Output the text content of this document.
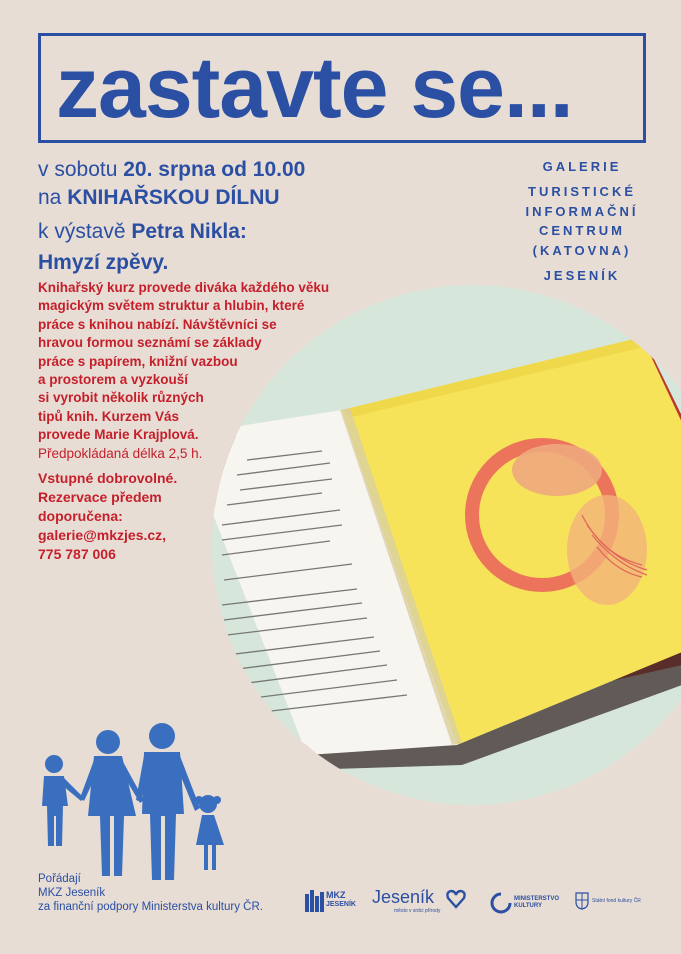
zastavte se...
v sobotu 20. srpna od 10.00
na KNIHAŘSKOU DÍLNU
k výstavě Petra Nikla:
Hmyzí zpěvy.
Knihařský kurz provede diváka každého věku
magickým světem struktur a hlubin, které
práce s knihou nabízí. Návštěvníci se
hravou formou seznámí se základy
práce s papírem, knižní vazbou
a prostorem a vyzkouší
si vyrobit několik různých
tipů knih. Kurzem Vás
provede Marie Krajplová.
Předpokládaná délka 2,5 h.
Vstupné dobrovolné.
Rezervace předem
doporučena:
galerie@mkzjes.cz,
775 787 006
GALERIE
TURISTICKÉ
INFORMAČNÍ
CENTRUM
(KATOVNA)
JESENÍK
Pořádají
MKZ Jeseník
za finanční podpory Ministerstva kultury ČR.
MKZ
JESENÍK Jeseník
město v srdci přírody
MINISTERSTVO
KULTURY
Státní fond kultury ČR
